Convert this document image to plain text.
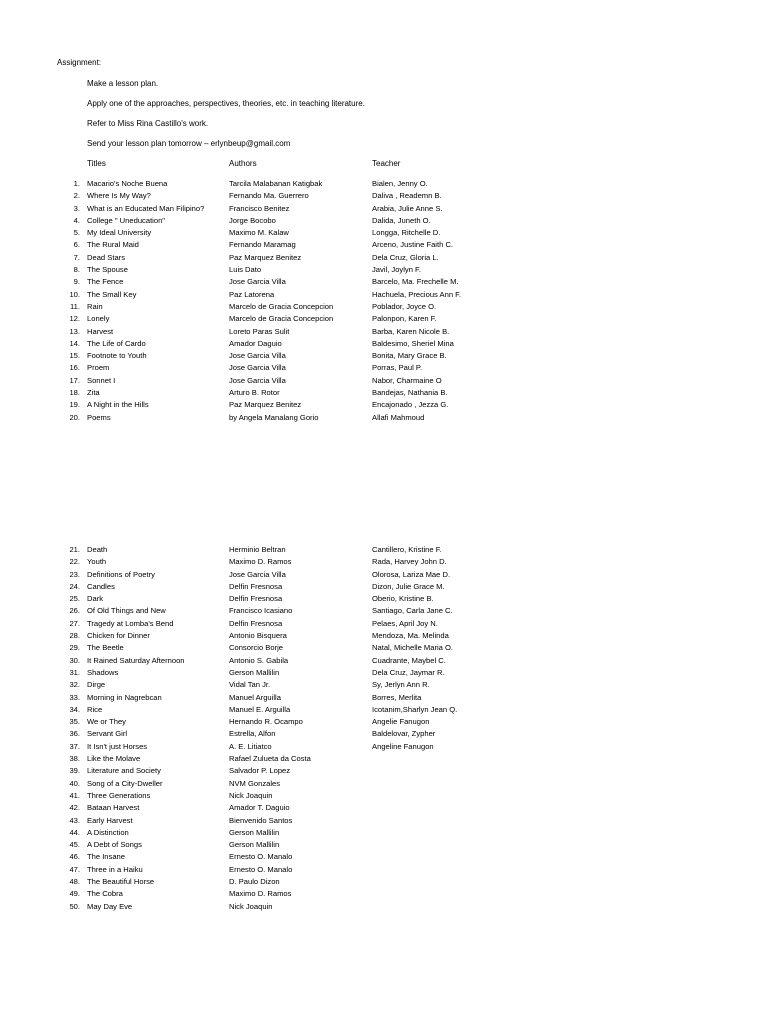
Assignment:
Make a lesson plan.
Apply one of the approaches, perspectives, theories, etc. in teaching literature.
Refer to Miss Rina Castillo's work.
Send your lesson plan tomorrow – erlynbeup@gmail.com
Titles	Authors	Teacher
1. Macario's Noche Buena	Tarcila Malabanan Katigbak	Bialen, Jenny O.
2. Where Is My Way?	Fernando Ma. Guerrero	Daliva , Reademn B.
3. What is an Educated Man Filipino?	Francisco Benitez	Arabia, Julie Anne S.
4. College " Uneducation"	Jorge Bocobo	Dalida, Juneth O.
5. My Ideal University	Maximo M. Kalaw	Longga, Ritchelle D.
6. The Rural Maid	Fernando Maramag	Arceno, Justine Faith C.
7. Dead Stars	Paz Marquez Benitez	Dela Cruz, Gloria L.
8. The Spouse	Luis Dato	Javil, Joylyn F.
9. The Fence	Jose Garcia Villa	Barcelo, Ma. Frechelle M.
10. The Small Key	Paz Latorena	Hachuela, Precious Ann F.
11. Rain	Marcelo de Gracia Concepcion	Poblador, Joyce O.
12. Lonely	Marcelo de Gracia Concepcion	Palonpon, Karen F.
13. Harvest	Loreto Paras Sulit	Barba, Karen Nicole B.
14. The Life of Cardo	Amador Daguio	Baldesimo, Sheriel Mina
15. Footnote to Youth	Jose Garcia Villa	Bonita, Mary Grace B.
16. Proem	Jose Garcia Villa	Porras, Paul P.
17. Sonnet I	Jose Garcia Villa	Nabor, Charmaine O
18. Zita	Arturo B. Rotor	Bandejas, Nathania B.
19. A Night in the Hills	Paz Marquez Benitez	Encajonado , Jezza G.
20. Poems	by Angela Manalang Gorio	Allafi Mahmoud
21. Death	Herminio Beltran	Cantillero, Kristine F.
22. Youth	Maximo D. Ramos	Rada, Harvey John D.
23. Definitions of Poetry	Jose Garcia Villa	Olorosa, Lariza Mae D.
24. Candles	Delfin Fresnosa	Dizon, Julie Grace M.
25. Dark	Delfin Fresnosa	Oberio, Kristine B.
26. Of Old Things and New	Francisco Icasiano	Santiago, Carla Jane C.
27. Tragedy at Lomba's Bend	Delfin Fresnosa	Pelaes, April Joy N.
28. Chicken for Dinner	Antonio Bisquera	Mendoza, Ma. Melinda
29. The Beetle	Consorcio Borje	Natal, Michelle Maria O.
30. It Rained Saturday Afternoon	Antonio S. Gabila	Cuadrante, Maybel C.
31. Shadows	Gerson Mallilin	Dela Cruz, Jaymar R.
32. Dirge	Vidal Tan Jr.	Sy, Jerlyn Ann R.
33. Morning in Nagrebcan	Manuel Arguilla	Borres, Merlita
34. Rice	Manuel E. Arguilla	Icotanim,Sharlyn Jean Q.
35. We or They	Hernando R. Ocampo	Angelie Fanugon
36. Servant Girl	Estrella, Alfon	Baldelovar, Zypher
37. It Isn't just Horses	A. E. Litiatco	Angeline Fanugon
38. Like the Molave	Rafael Zulueta da Costa
39. Literature and Society	Salvador P. Lopez
40. Song of a City-Dweller	NVM Gonzales
41. Three Generations	Nick Joaquin
42. Bataan Harvest	Amador T. Daguio
43. Early Harvest	Bienvenido Santos
44. A Distinction	Gerson Mallilin
45. A Debt of Songs	Gerson Mallilin
46. The Insane	Ernesto O. Manalo
47. Three in a Haiku	Ernesto O. Manalo
48. The Beautiful Horse	D. Paulo Dizon
49. The Cobra	Maximo D. Ramos
50. May Day Eve	Nick Joaquin
